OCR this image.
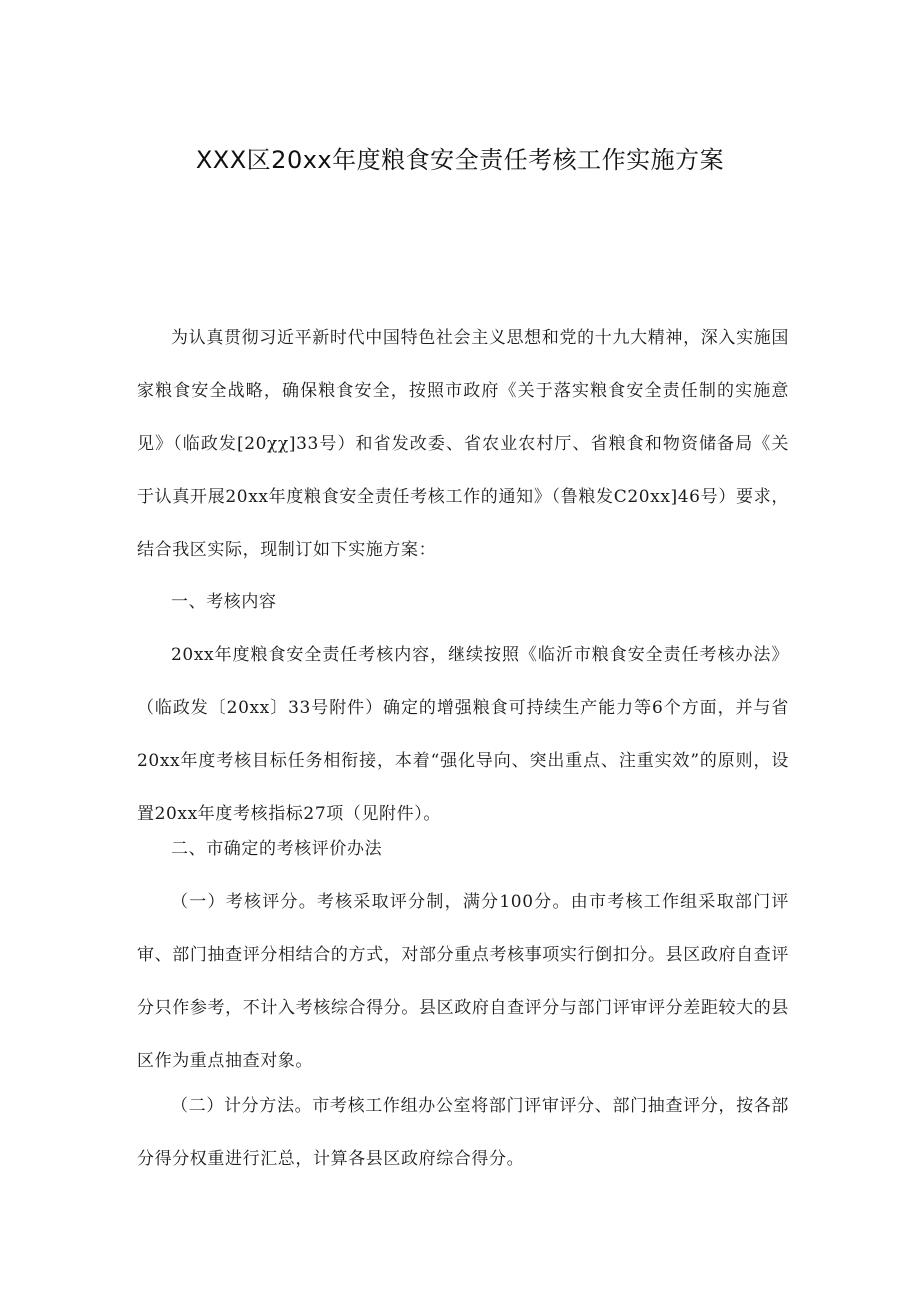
XXX区20xx年度粮食安全责任考核工作实施方案

为认真贯彻习近平新时代中国特色社会主义思想和党的十九大精神，深入实施国家粮食安全战略，确保粮食安全，按照市政府《关于落实粮食安全责任制的实施意见》（临政发[20χχ]33号）和省发改委、省农业农村厅、省粮食和物资储备局《关于认真开展20xx年度粮食安全责任考核工作的通知》（鲁粮发C20xx]46号）要求，结合我区实际，现制订如下实施方案：

一、考核内容

20xx年度粮食安全责任考核内容，继续按照《临沂市粮食安全责任考核办法》（临政发〔20xx〕33号附件）确定的增强粮食可持续生产能力等6个方面，并与省20xx年度考核目标任务相衔接，本着“强化导向、突出重点、注重实效”的原则，设置20xx年度考核指标27项（见附件）。

二、市确定的考核评价办法

（一）考核评分。考核采取评分制，满分100分。由市考核工作组采取部门评审、部门抽查评分相结合的方式，对部分重点考核事项实行倒扣分。县区政府自查评分只作参考，不计入考核综合得分。县区政府自查评分与部门评审评分差距较大的县区作为重点抽查对象。

（二）计分方法。市考核工作组办公室将部门评审评分、部门抽查评分，按各部分得分权重进行汇总，计算各县区政府综合得分。
